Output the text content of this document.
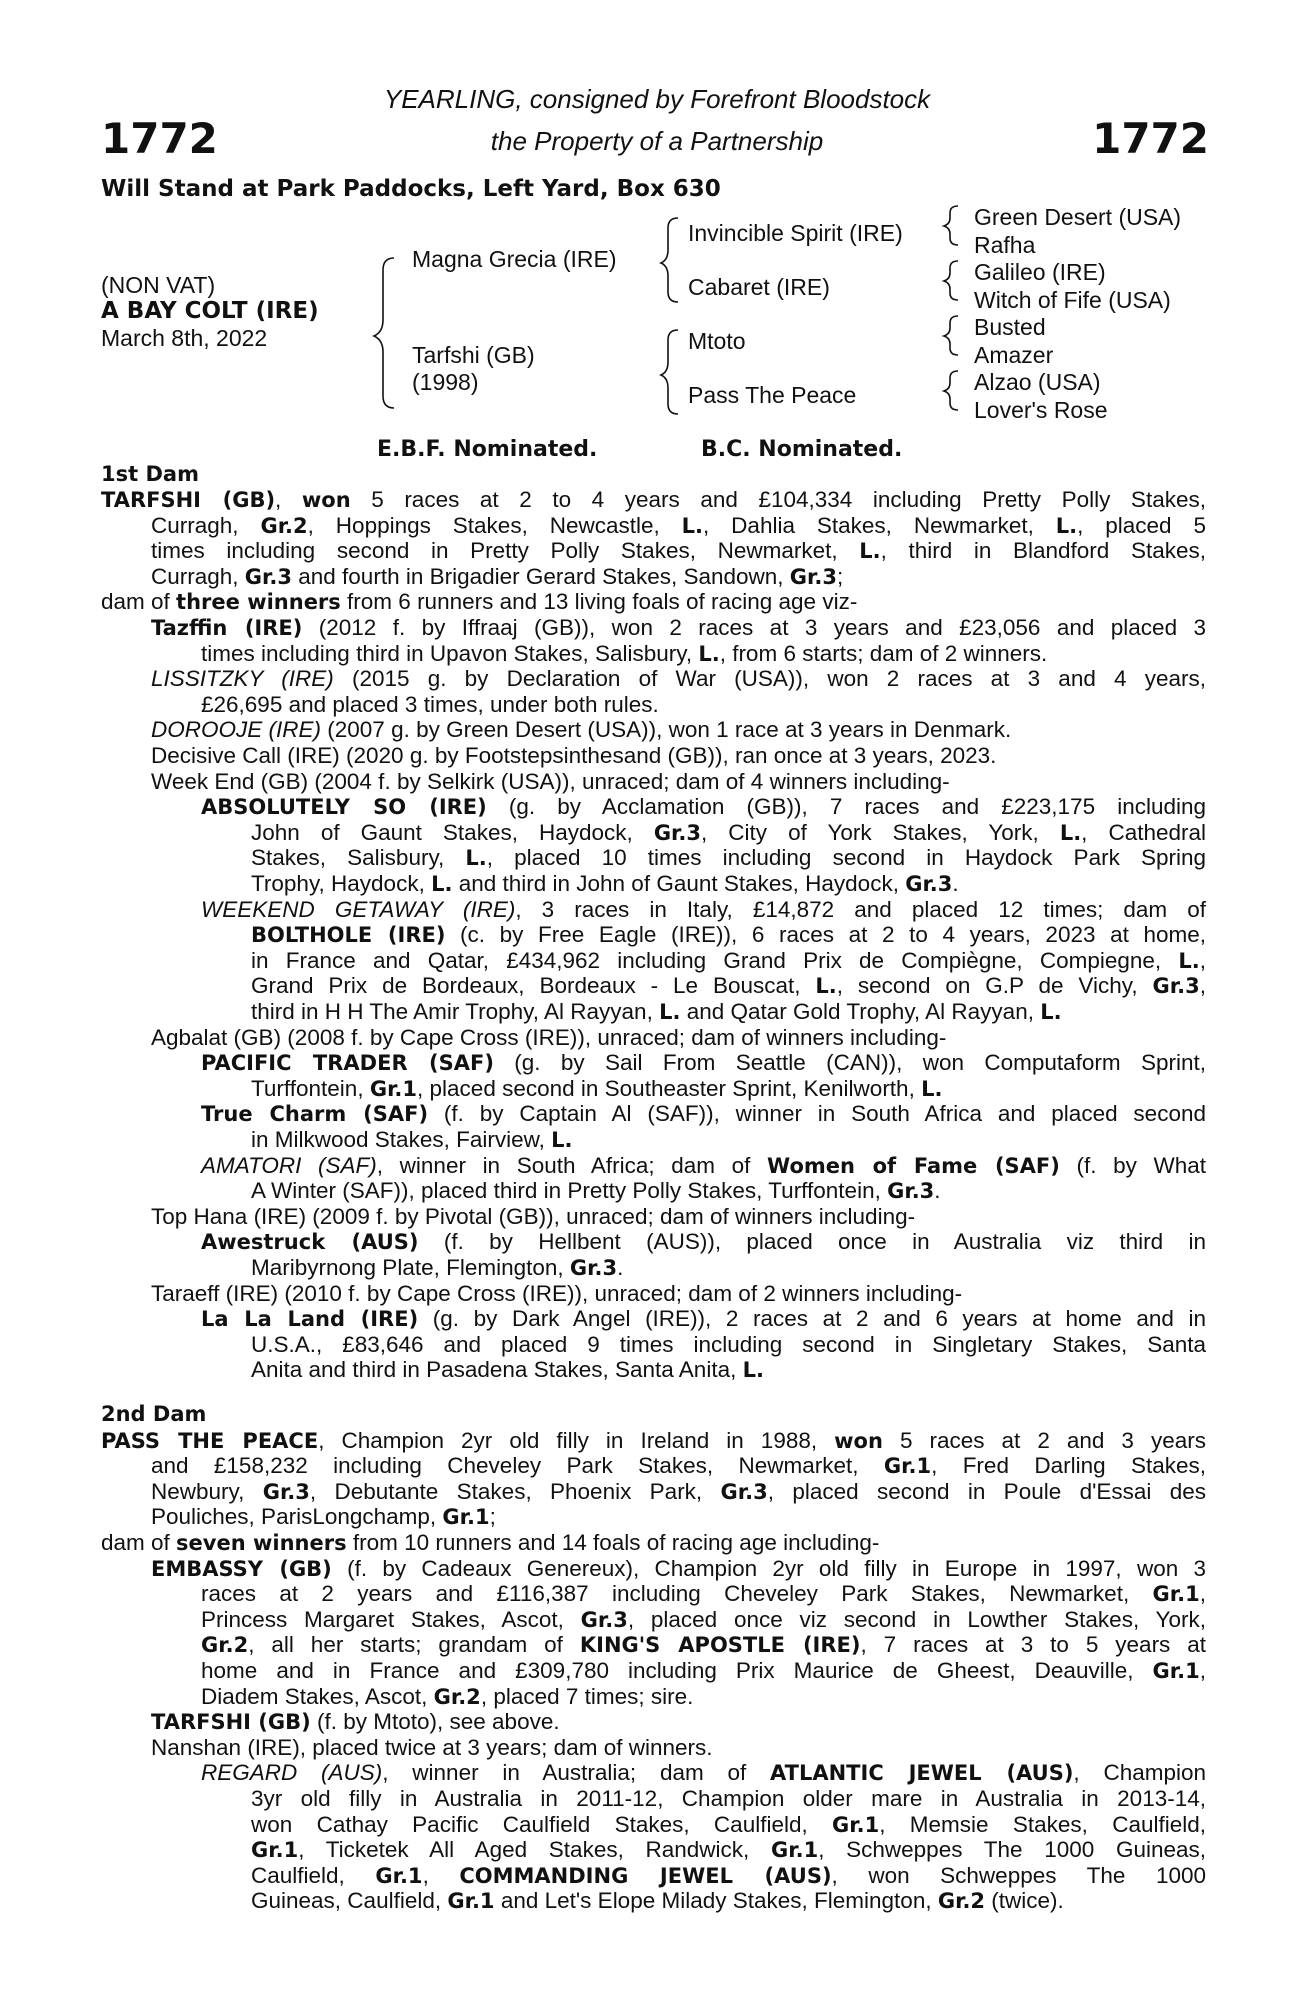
1772	1772
YEARLING, consigned by Forefront Bloodstock
the Property of a Partnership
Will Stand at Park Paddocks, Left Yard, Box 630
(NON VAT)
A BAY COLT (IRE)
March 8th, 2022
Magna Grecia (IRE)
Tarfshi (GB)
(1998)
Invincible Spirit (IRE)
Cabaret (IRE)
Mtoto
Pass The Peace
Green Desert (USA)
Rafha
Galileo (IRE)
Witch of Fife (USA)
Busted
Amazer
Alzao (USA)
Lover's Rose
E.B.F. Nominated.	B.C. Nominated.
1st Dam
TARFSHI (GB), won 5 races at 2 to 4 years and £104,334 including Pretty Polly Stakes,
Curragh, Gr.2, Hoppings Stakes, Newcastle, L., Dahlia Stakes, Newmarket, L., placed 5
times including second in Pretty Polly Stakes, Newmarket, L., third in Blandford Stakes,
Curragh, Gr.3 and fourth in Brigadier Gerard Stakes, Sandown, Gr.3;
dam of three winners from 6 runners and 13 living foals of racing age viz-
Tazffin (IRE) (2012 f. by Iffraaj (GB)), won 2 races at 3 years and £23,056 and placed 3
times including third in Upavon Stakes, Salisbury, L., from 6 starts; dam of 2 winners.
LISSITZKY (IRE) (2015 g. by Declaration of War (USA)), won 2 races at 3 and 4 years,
£26,695 and placed 3 times, under both rules.
DOROOJE (IRE) (2007 g. by Green Desert (USA)), won 1 race at 3 years in Denmark.
Decisive Call (IRE) (2020 g. by Footstepsinthesand (GB)), ran once at 3 years, 2023.
Week End (GB) (2004 f. by Selkirk (USA)), unraced; dam of 4 winners including-
ABSOLUTELY SO (IRE) (g. by Acclamation (GB)), 7 races and £223,175 including
John of Gaunt Stakes, Haydock, Gr.3, City of York Stakes, York, L., Cathedral
Stakes, Salisbury, L., placed 10 times including second in Haydock Park Spring
Trophy, Haydock, L. and third in John of Gaunt Stakes, Haydock, Gr.3.
WEEKEND GETAWAY (IRE), 3 races in Italy, £14,872 and placed 12 times; dam of
BOLTHOLE (IRE) (c. by Free Eagle (IRE)), 6 races at 2 to 4 years, 2023 at home,
in France and Qatar, £434,962 including Grand Prix de Compiègne, Compiegne, L.,
Grand Prix de Bordeaux, Bordeaux - Le Bouscat, L., second on G.P de Vichy, Gr.3,
third in H H The Amir Trophy, Al Rayyan, L. and Qatar Gold Trophy, Al Rayyan, L.
Agbalat (GB) (2008 f. by Cape Cross (IRE)), unraced; dam of winners including-
PACIFIC TRADER (SAF) (g. by Sail From Seattle (CAN)), won Computaform Sprint,
Turffontein, Gr.1, placed second in Southeaster Sprint, Kenilworth, L.
True Charm (SAF) (f. by Captain Al (SAF)), winner in South Africa and placed second
in Milkwood Stakes, Fairview, L.
AMATORI (SAF), winner in South Africa; dam of Women of Fame (SAF) (f. by What
A Winter (SAF)), placed third in Pretty Polly Stakes, Turffontein, Gr.3.
Top Hana (IRE) (2009 f. by Pivotal (GB)), unraced; dam of winners including-
Awestruck (AUS) (f. by Hellbent (AUS)), placed once in Australia viz third in
Maribyrnong Plate, Flemington, Gr.3.
Taraeff (IRE) (2010 f. by Cape Cross (IRE)), unraced; dam of 2 winners including-
La La Land (IRE) (g. by Dark Angel (IRE)), 2 races at 2 and 6 years at home and in
U.S.A., £83,646 and placed 9 times including second in Singletary Stakes, Santa
Anita and third in Pasadena Stakes, Santa Anita, L.
2nd Dam
PASS THE PEACE, Champion 2yr old filly in Ireland in 1988, won 5 races at 2 and 3 years
and £158,232 including Cheveley Park Stakes, Newmarket, Gr.1, Fred Darling Stakes,
Newbury, Gr.3, Debutante Stakes, Phoenix Park, Gr.3, placed second in Poule d'Essai des
Pouliches, ParisLongchamp, Gr.1;
dam of seven winners from 10 runners and 14 foals of racing age including-
EMBASSY (GB) (f. by Cadeaux Genereux), Champion 2yr old filly in Europe in 1997, won 3
races at 2 years and £116,387 including Cheveley Park Stakes, Newmarket, Gr.1,
Princess Margaret Stakes, Ascot, Gr.3, placed once viz second in Lowther Stakes, York,
Gr.2, all her starts; grandam of KING'S APOSTLE (IRE), 7 races at 3 to 5 years at
home and in France and £309,780 including Prix Maurice de Gheest, Deauville, Gr.1,
Diadem Stakes, Ascot, Gr.2, placed 7 times; sire.
TARFSHI (GB) (f. by Mtoto), see above.
Nanshan (IRE), placed twice at 3 years; dam of winners.
REGARD (AUS), winner in Australia; dam of ATLANTIC JEWEL (AUS), Champion
3yr old filly in Australia in 2011-12, Champion older mare in Australia in 2013-14,
won Cathay Pacific Caulfield Stakes, Caulfield, Gr.1, Memsie Stakes, Caulfield,
Gr.1, Ticketek All Aged Stakes, Randwick, Gr.1, Schweppes The 1000 Guineas,
Caulfield, Gr.1, COMMANDING JEWEL (AUS), won Schweppes The 1000
Guineas, Caulfield, Gr.1 and Let's Elope Milady Stakes, Flemington, Gr.2 (twice).
